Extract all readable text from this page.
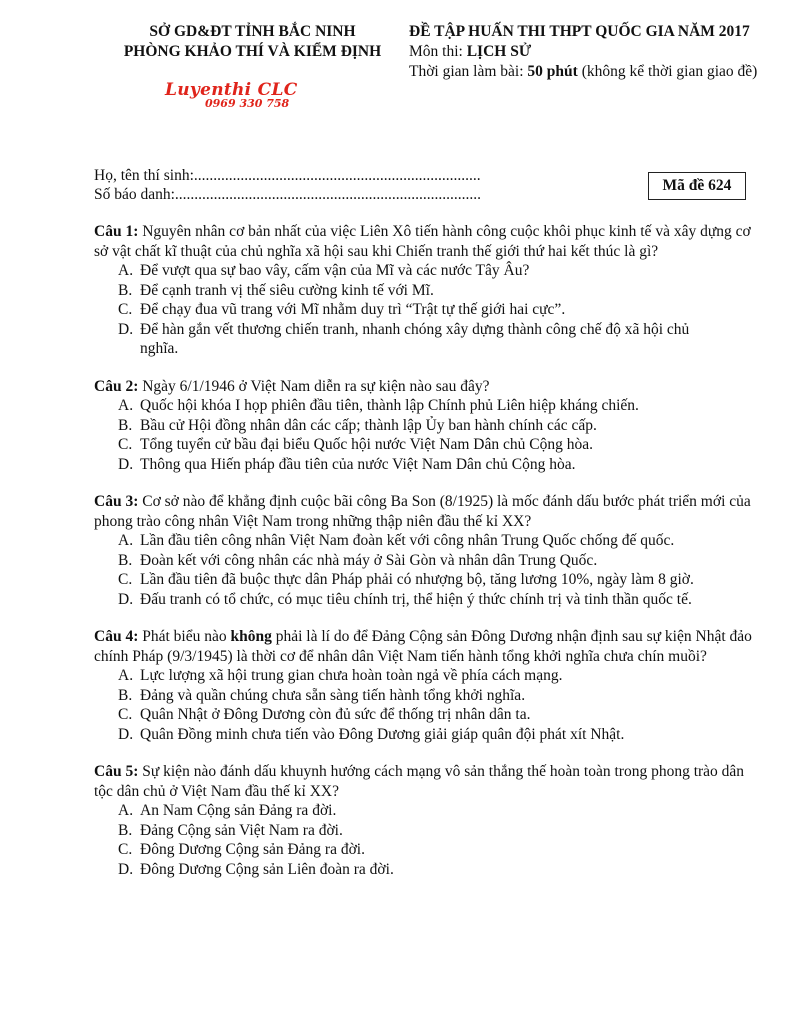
SỞ GD&ĐT TỈNH BẮC NINH
PHÒNG KHẢO THÍ VÀ KIỂM ĐỊNH
ĐỀ TẬP HUẤN THI THPT QUỐC GIA NĂM 2017
Môn thi: LỊCH SỬ
Thời gian làm bài: 50 phút (không kể thời gian giao đề)
Luyenthi CLC
0969 330 758
Họ, tên thí sinh:..........................................................................
Số báo danh:...............................................................................
Mã đề 624
Câu 1: Nguyên nhân cơ bản nhất của việc Liên Xô tiến hành công cuộc khôi phục kinh tế và xây dựng cơ sở vật chất kĩ thuật của chủ nghĩa xã hội sau khi Chiến tranh thế giới thứ hai kết thúc là gì?
A. Để vượt qua sự bao vây, cấm vận của Mĩ và các nước Tây Âu?
B. Để cạnh tranh vị thế siêu cường kinh tế với Mĩ.
C. Để chạy đua vũ trang với Mĩ nhằm duy trì “Trật tự thế giới hai cực”.
D. Để hàn gắn vết thương chiến tranh, nhanh chóng xây dựng thành công chế độ xã hội chủ nghĩa.
Câu 2: Ngày 6/1/1946 ở Việt Nam diễn ra sự kiện nào sau đây?
A. Quốc hội khóa I họp phiên đầu tiên, thành lập Chính phủ Liên hiệp kháng chiến.
B. Bầu cử Hội đồng nhân dân các cấp; thành lập Ủy ban hành chính các cấp.
C. Tổng tuyển cử bầu đại biểu Quốc hội nước Việt Nam Dân chủ Cộng hòa.
D. Thông qua Hiến pháp đầu tiên của nước Việt Nam Dân chủ Cộng hòa.
Câu 3: Cơ sở nào để khẳng định cuộc bãi công Ba Son (8/1925) là mốc đánh dấu bước phát triển mới của phong trào công nhân Việt Nam trong những thập niên đầu thế kỉ XX?
A. Lần đầu tiên công nhân Việt Nam đoàn kết với công nhân Trung Quốc chống đế quốc.
B. Đoàn kết với công nhân các nhà máy ở Sài Gòn và nhân dân Trung Quốc.
C. Lần đầu tiên đã buộc thực dân Pháp phải có nhượng bộ, tăng lương 10%, ngày làm 8 giờ.
D. Đấu tranh có tổ chức, có mục tiêu chính trị, thể hiện ý thức chính trị và tinh thần quốc tế.
Câu 4: Phát biểu nào không phải là lí do để Đảng Cộng sản Đông Dương nhận định sau sự kiện Nhật đảo chính Pháp (9/3/1945) là thời cơ để nhân dân Việt Nam tiến hành tổng khởi nghĩa chưa chín muồi?
A. Lực lượng xã hội trung gian chưa hoàn toàn ngả về phía cách mạng.
B. Đảng và quần chúng chưa sẵn sàng tiến hành tổng khởi nghĩa.
C. Quân Nhật ở Đông Dương còn đủ sức để thống trị nhân dân ta.
D. Quân Đồng minh chưa tiến vào Đông Dương giải giáp quân đội phát xít Nhật.
Câu 5: Sự kiện nào đánh dấu khuynh hướng cách mạng vô sản thắng thế hoàn toàn trong phong trào dân tộc dân chủ ở Việt Nam đầu thế kỉ XX?
A. An Nam Cộng sản Đảng ra đời.
B. Đảng Cộng sản Việt Nam ra đời.
C. Đông Dương Cộng sản Đảng ra đời.
D. Đông Dương Cộng sản Liên đoàn ra đời.
